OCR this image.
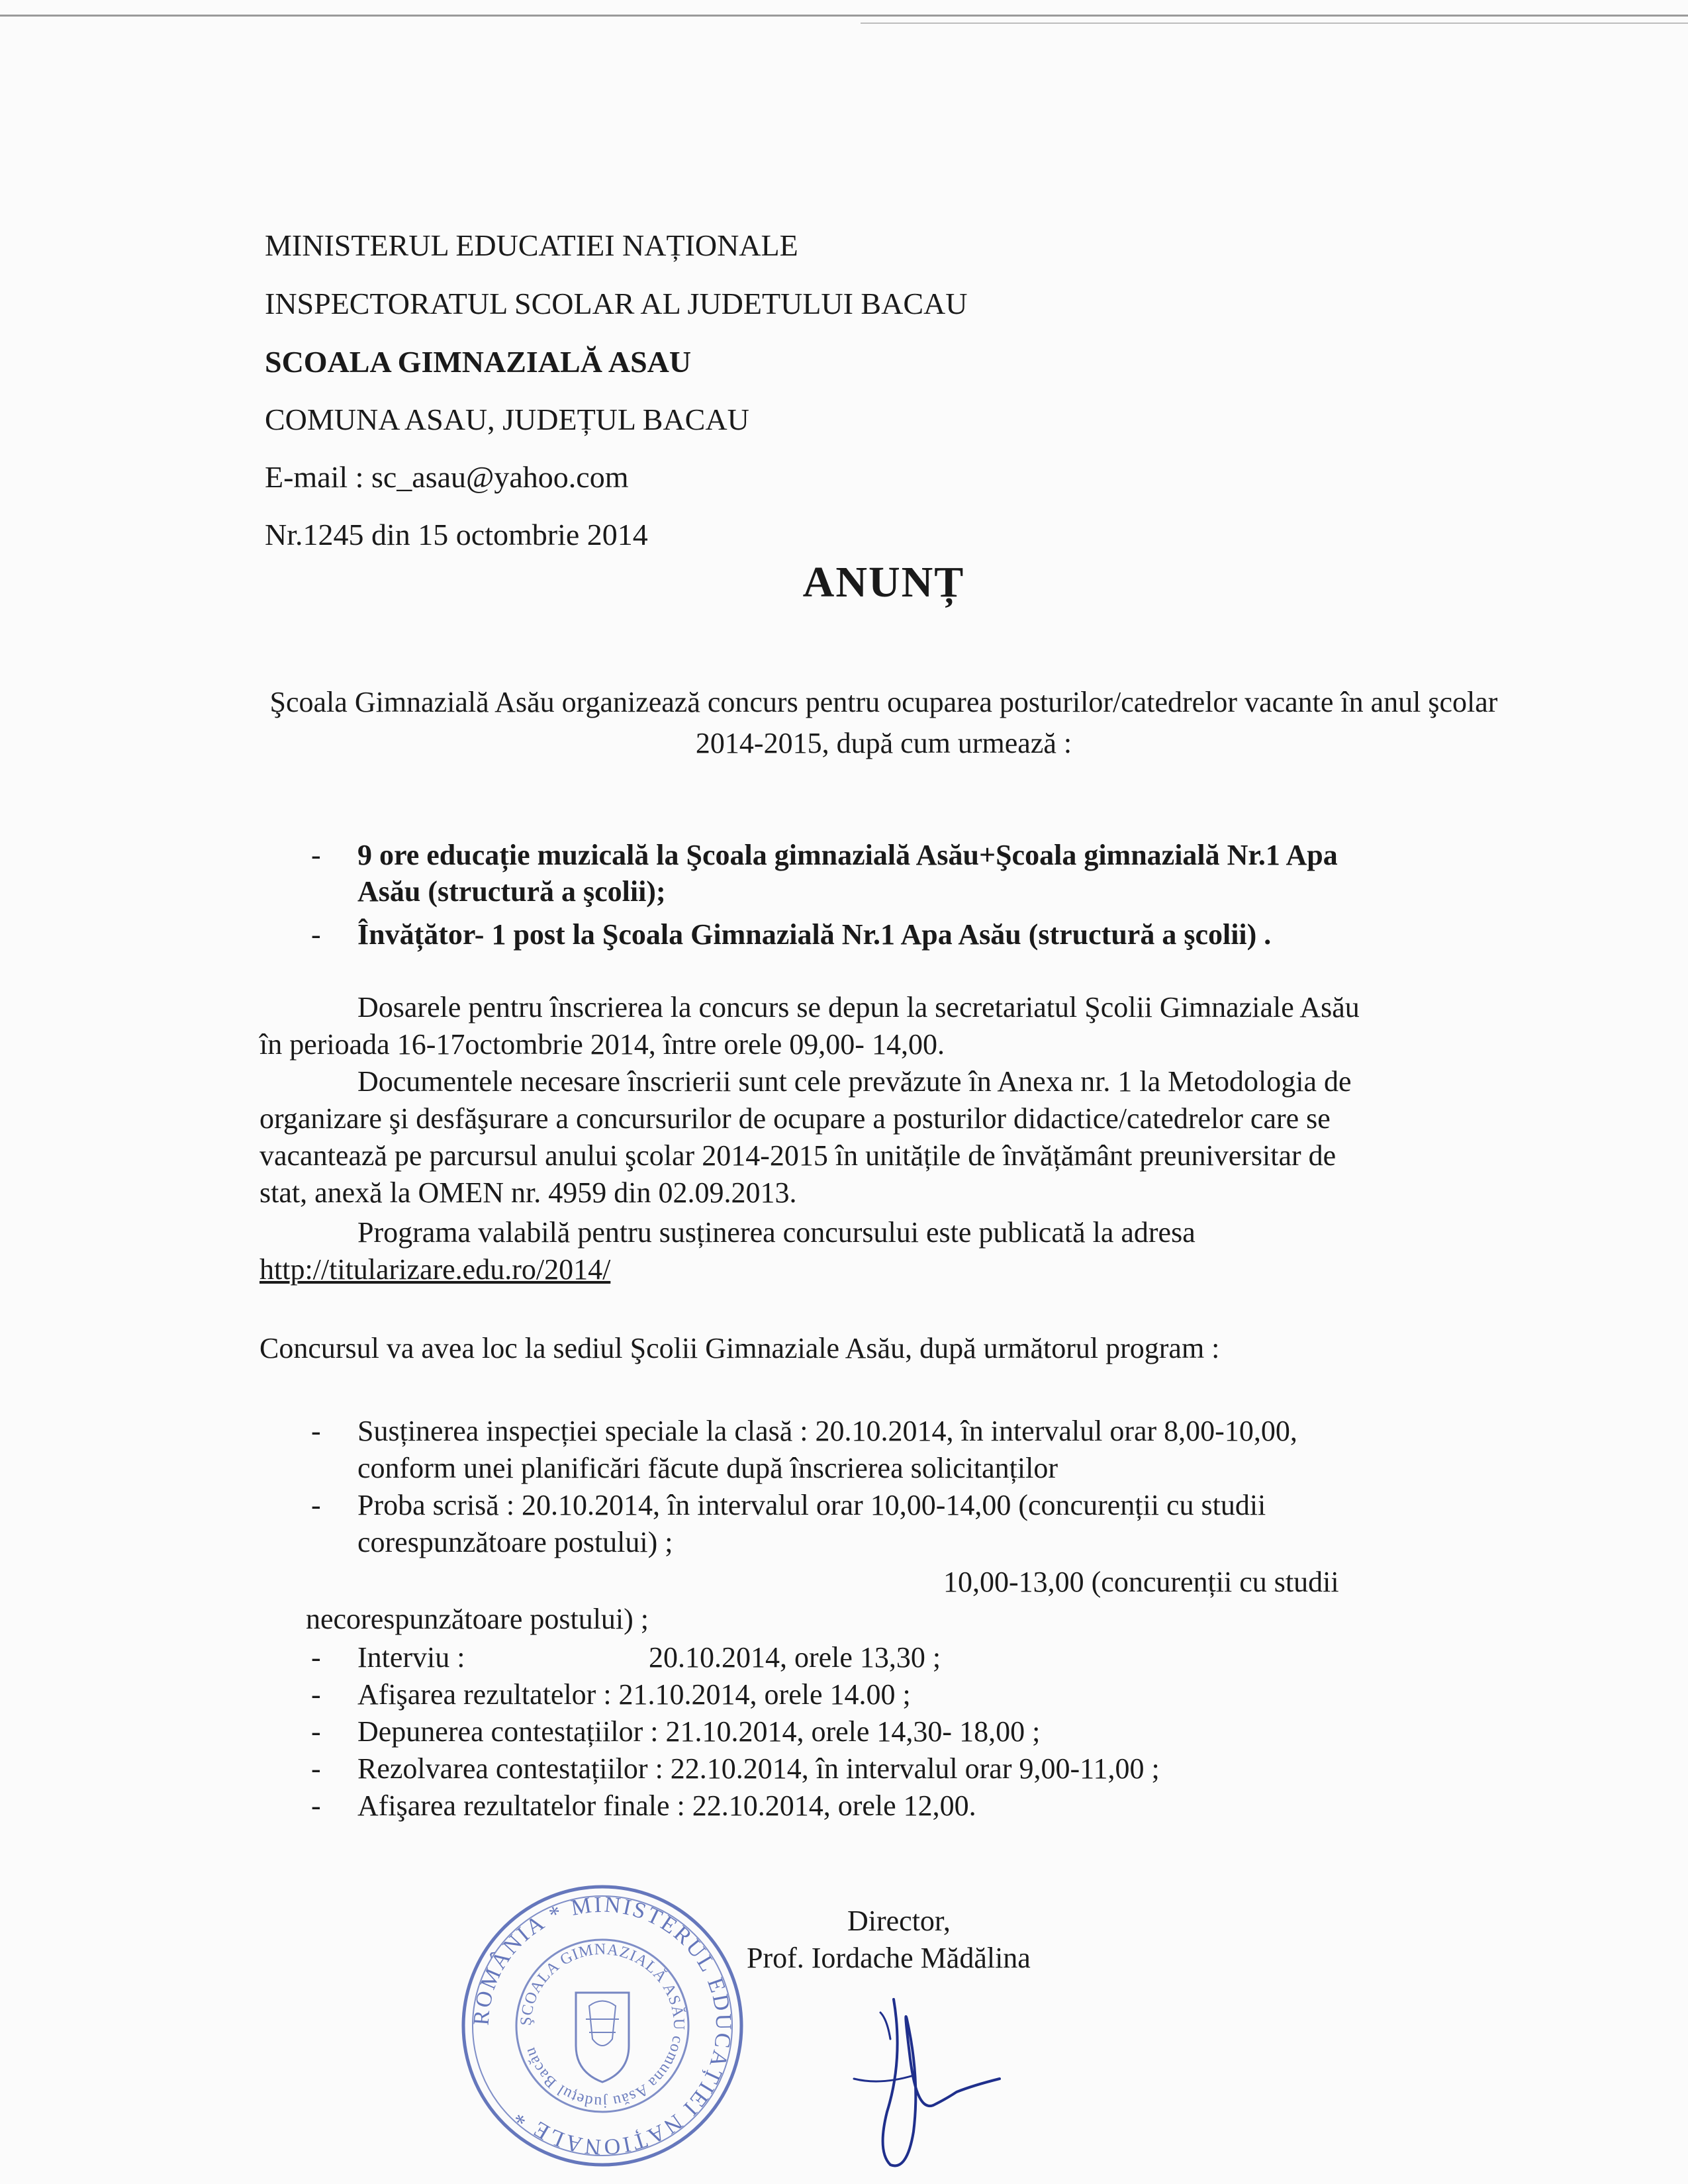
MINISTERUL EDUCATIEI NAȚIONALE
INSPECTORATUL SCOLAR AL JUDETULUI BACAU
SCOALA GIMNAZIALĂ ASAU
COMUNA ASAU, JUDEȚUL BACAU
E-mail : sc_asau@yahoo.com
Nr.1245 din 15 octombrie 2014
ANUNȚ
Şcoala Gimnazială Asău organizează concurs pentru ocuparea posturilor/catedrelor vacante în anul şcolar 2014-2015, după cum urmează :
- 9 ore educație muzicală la Şcoala gimnazială Asău+Şcoala gimnazială Nr.1 Apa
Asău (structură a şcolii);
- Învățător- 1 post la Şcoala Gimnazială Nr.1 Apa Asău (structură a şcolii) .
Dosarele pentru înscrierea la concurs se depun la secretariatul Şcolii Gimnaziale Asău
în perioada 16-17octombrie 2014, între orele 09,00- 14,00.
Documentele necesare înscrierii sunt cele prevăzute în Anexa nr. 1 la Metodologia de
organizare şi desfăşurare a concursurilor de ocupare a posturilor didactice/catedrelor care se
vacantează pe parcursul anului şcolar 2014-2015 în unitățile de învățământ preuniversitar de
stat, anexă la OMEN nr. 4959 din 02.09.2013.
Programa valabilă pentru susținerea concursului este publicată la adresa
http://titularizare.edu.ro/2014/
Concursul va avea loc la sediul Şcolii Gimnaziale Asău, după următorul program :
- Susținerea inspecției speciale la clasă : 20.10.2014, în intervalul orar 8,00-10,00,
conform unei planificări făcute după înscrierea solicitanților
- Proba scrisă : 20.10.2014, în intervalul orar 10,00-14,00 (concurenții cu studii
corespunzătoare postului) ;
10,00-13,00 (concurenții cu studii
necorespunzătoare postului) ;
- Interviu :	20.10.2014, orele 13,30 ;
- Afişarea rezultatelor : 21.10.2014, orele 14.00 ;
- Depunerea contestațiilor : 21.10.2014, orele 14,30- 18,00 ;
- Rezolvarea contestațiilor : 22.10.2014, în intervalul orar 9,00-11,00 ;
- Afişarea rezultatelor finale : 22.10.2014, orele 12,00.
ROMÂNIA * MINISTERUL EDUCAȚIEI NAȚIONALE *
ŞCOALA GIMNAZIALĂ ASĂU comuna Asău județul Bacău
Director,
Prof. Iordache Mădălina
